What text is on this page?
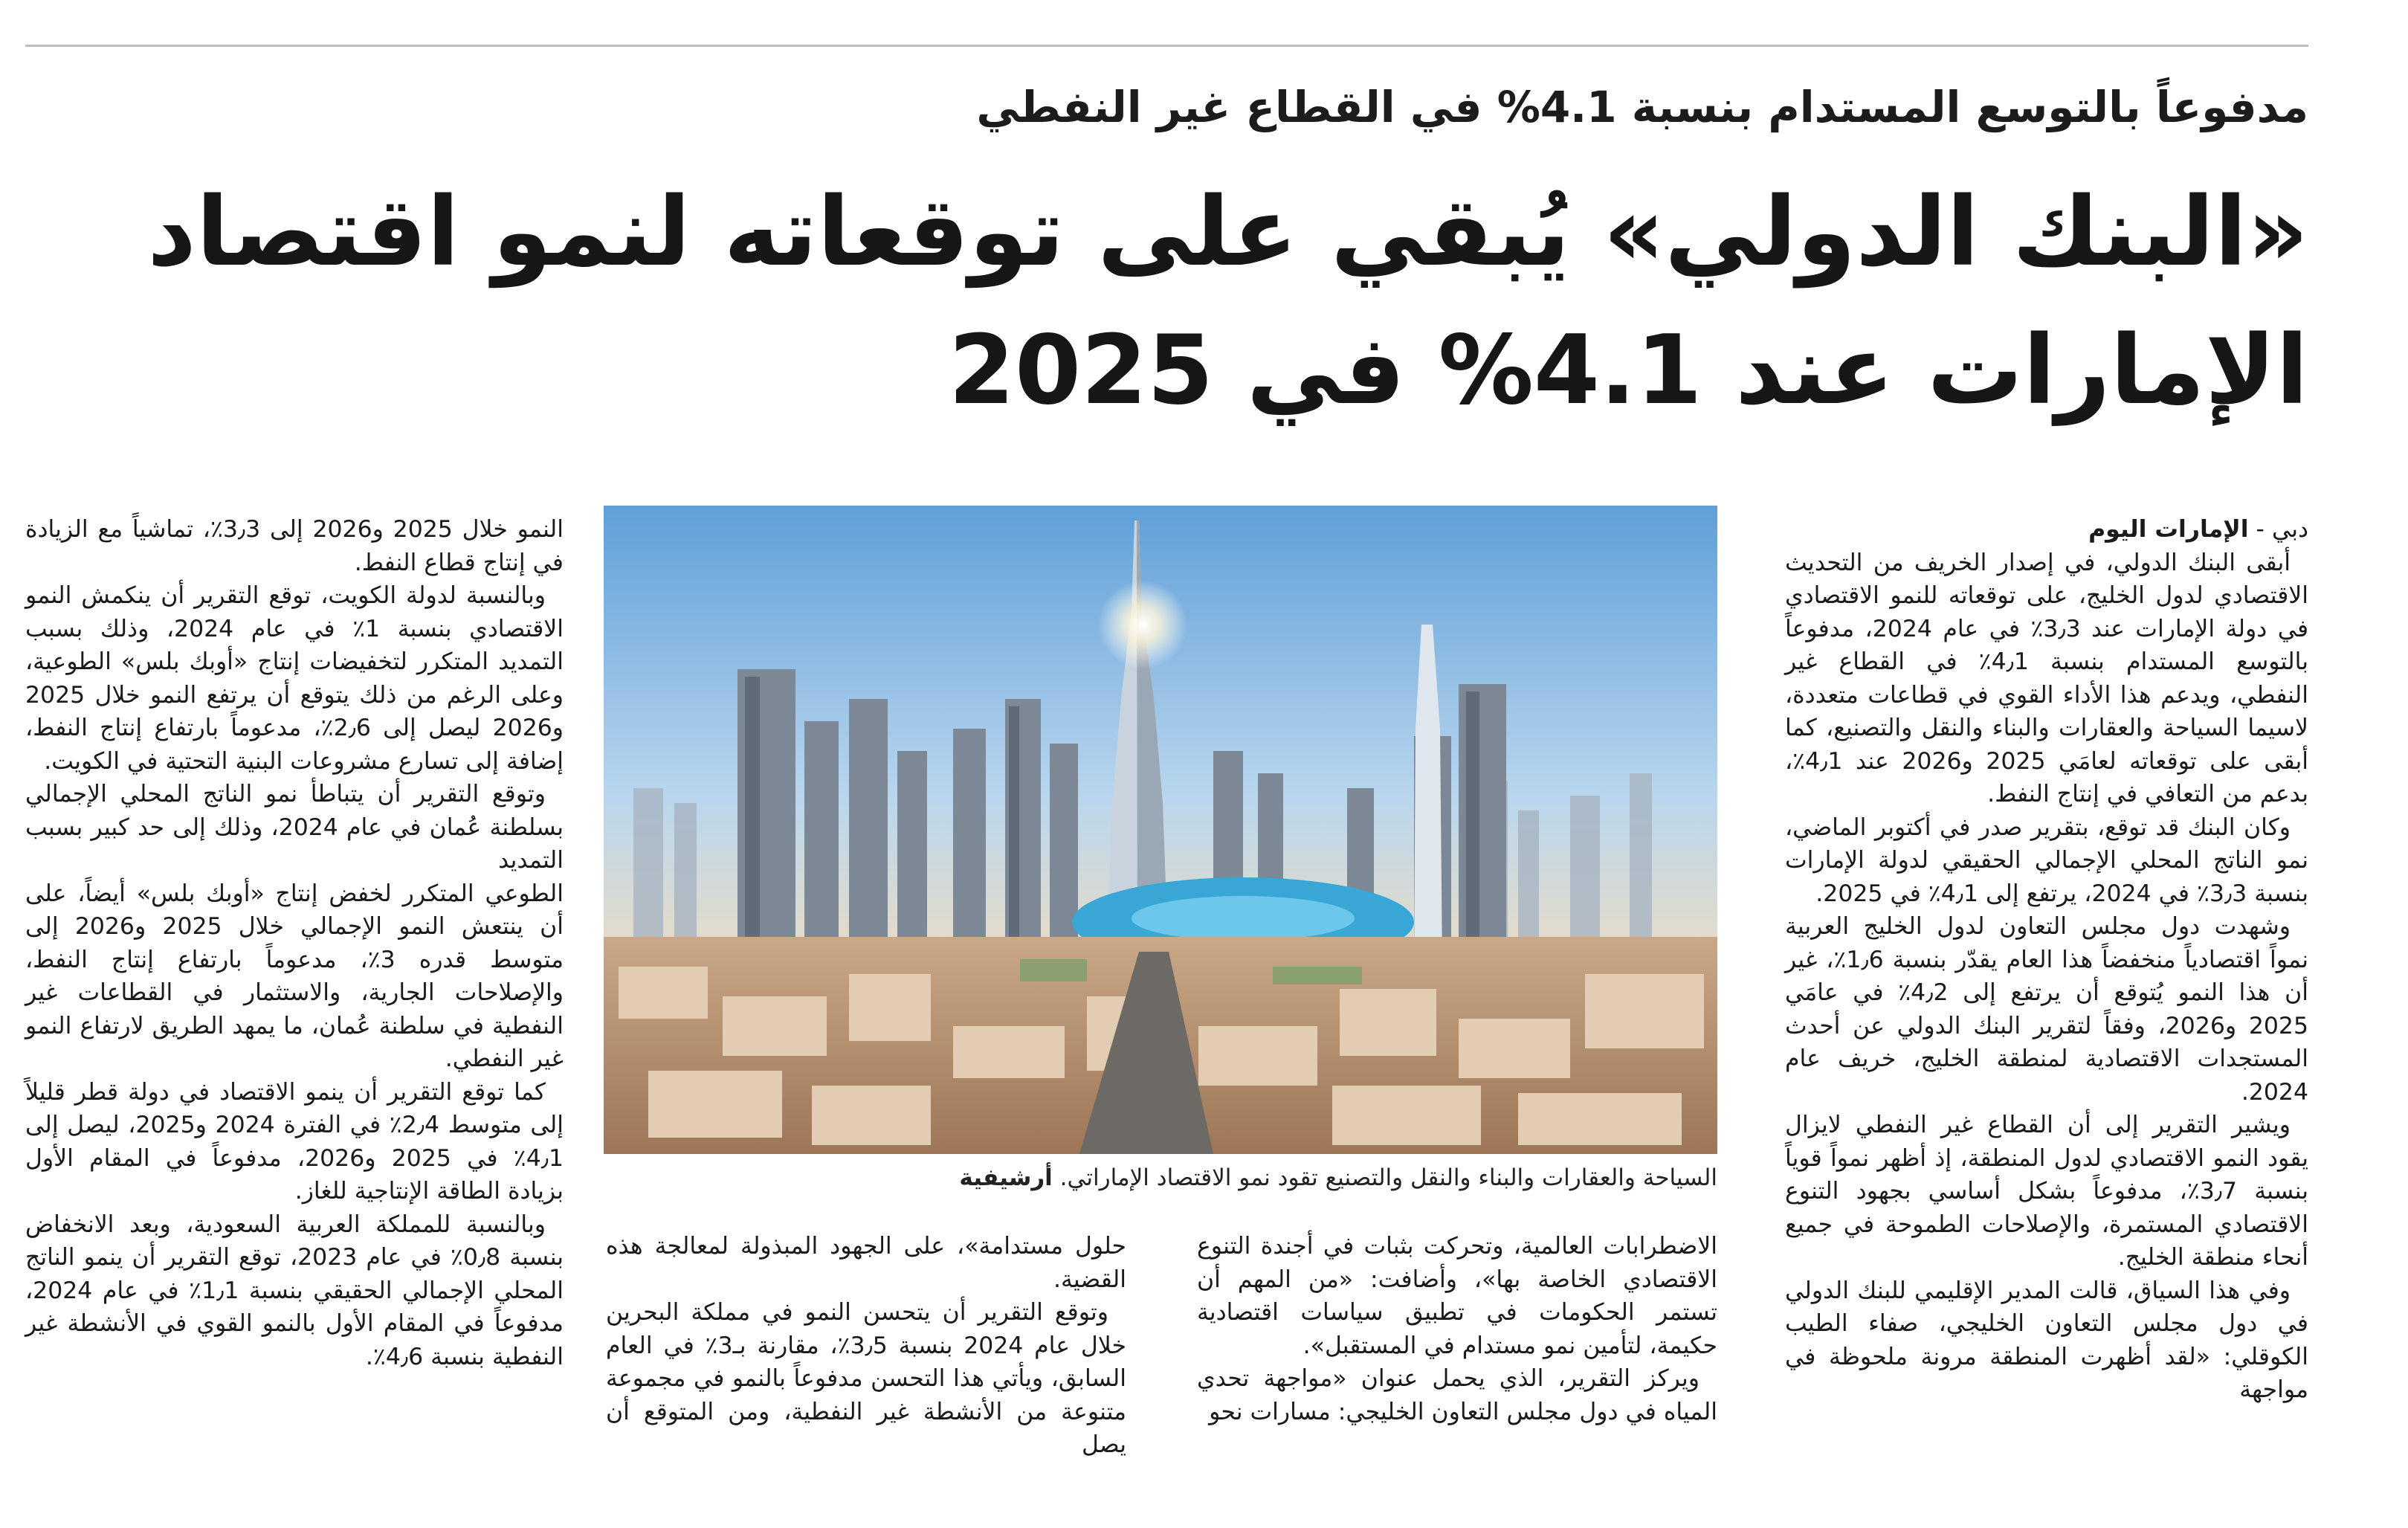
مدفوعاً بالتوسع المستدام بنسبة 4.1% في القطاع غير النفطي
«البنك الدولي» يُبقي على توقعاته لنمو اقتصاد
الإمارات عند 4.1% في 2025

دبي - الإمارات اليوم

أبقى البنك الدولي، في إصدار الخريف من التحديث الاقتصادي لدول الخليج، على توقعاته للنمو الاقتصادي في دولة الإمارات عند 3٫3٪ في عام 2024، مدفوعاً بالتوسع المستدام بنسبة 4٫1٪ في القطاع غير النفطي، ويدعم هذا الأداء القوي في قطاعات متعددة، لاسيما السياحة والعقارات والبناء والنقل والتصنيع، كما أبقى على توقعاته لعامَي 2025 و2026 عند 4٫1٪، بدعم من التعافي في إنتاج النفط.

وكان البنك قد توقع، بتقرير صدر في أكتوبر الماضي، نمو الناتج المحلي الإجمالي الحقيقي لدولة الإمارات بنسبة 3٫3٪ في 2024، يرتفع إلى 4٫1٪ في 2025.

وشهدت دول مجلس التعاون لدول الخليج العربية نمواً اقتصادياً منخفضاً هذا العام يقدّر بنسبة 1٫6٪، غير أن هذا النمو يُتوقع أن يرتفع إلى 4٫2٪ في عامَي 2025 و2026، وفقاً لتقرير البنك الدولي عن أحدث المستجدات الاقتصادية لمنطقة الخليج، خريف عام 2024.

ويشير التقرير إلى أن القطاع غير النفطي لايزال يقود النمو الاقتصادي لدول المنطقة، إذ أظهر نمواً قوياً بنسبة 3٫7٪، مدفوعاً بشكل أساسي بجهود التنوع الاقتصادي المستمرة، والإصلاحات الطموحة في جميع أنحاء منطقة الخليج.

وفي هذا السياق، قالت المدير الإقليمي للبنك الدولي في دول مجلس التعاون الخليجي، صفاء الطيب الكوقلي: «لقد أظهرت المنطقة مرونة ملحوظة في مواجهة

السياحة والعقارات والبناء والنقل والتصنيع تقود نمو الاقتصاد الإماراتي. أرشيفية

الاضطرابات العالمية، وتحركت بثبات في أجندة التنوع الاقتصادي الخاصة بها»، وأضافت: «من المهم أن تستمر الحكومات في تطبيق سياسات اقتصادية حكيمة، لتأمين نمو مستدام في المستقبل».

ويركز التقرير، الذي يحمل عنوان «مواجهة تحدي المياه في دول مجلس التعاون الخليجي: مسارات نحو

حلول مستدامة»، على الجهود المبذولة لمعالجة هذه القضية.

وتوقع التقرير أن يتحسن النمو في مملكة البحرين خلال عام 2024 بنسبة 3٫5٪، مقارنة بـ3٪ في العام السابق، ويأتي هذا التحسن مدفوعاً بالنمو في مجموعة متنوعة من الأنشطة غير النفطية، ومن المتوقع أن يصل

النمو خلال 2025 و2026 إلى 3٫3٪، تماشياً مع الزيادة في إنتاج قطاع النفط.

وبالنسبة لدولة الكويت، توقع التقرير أن ينكمش النمو الاقتصادي بنسبة 1٪ في عام 2024، وذلك بسبب التمديد المتكرر لتخفيضات إنتاج «أوبك بلس» الطوعية، وعلى الرغم من ذلك يتوقع أن يرتفع النمو خلال 2025 و2026 ليصل إلى 2٫6٪، مدعوماً بارتفاع إنتاج النفط، إضافة إلى تسارع مشروعات البنية التحتية في الكويت.

وتوقع التقرير أن يتباطأ نمو الناتج المحلي الإجمالي بسلطنة عُمان في عام 2024، وذلك إلى حد كبير بسبب التمديد

الطوعي المتكرر لخفض إنتاج «أوبك بلس» أيضاً، على أن ينتعش النمو الإجمالي خلال 2025 و2026 إلى متوسط قدره 3٪، مدعوماً بارتفاع إنتاج النفط، والإصلاحات الجارية، والاستثمار في القطاعات غير النفطية في سلطنة عُمان، ما يمهد الطريق لارتفاع النمو غير النفطي.

كما توقع التقرير أن ينمو الاقتصاد في دولة قطر قليلاً إلى متوسط 2٫4٪ في الفترة 2024 و2025، ليصل إلى 4٫1٪ في 2025 و2026، مدفوعاً في المقام الأول بزيادة الطاقة الإنتاجية للغاز.

وبالنسبة للمملكة العربية السعودية، وبعد الانخفاض بنسبة 0٫8٪ في عام 2023، توقع التقرير أن ينمو الناتج المحلي الإجمالي الحقيقي بنسبة 1٫1٪ في عام 2024، مدفوعاً في المقام الأول بالنمو القوي في الأنشطة غير النفطية بنسبة 4٫6٪.
